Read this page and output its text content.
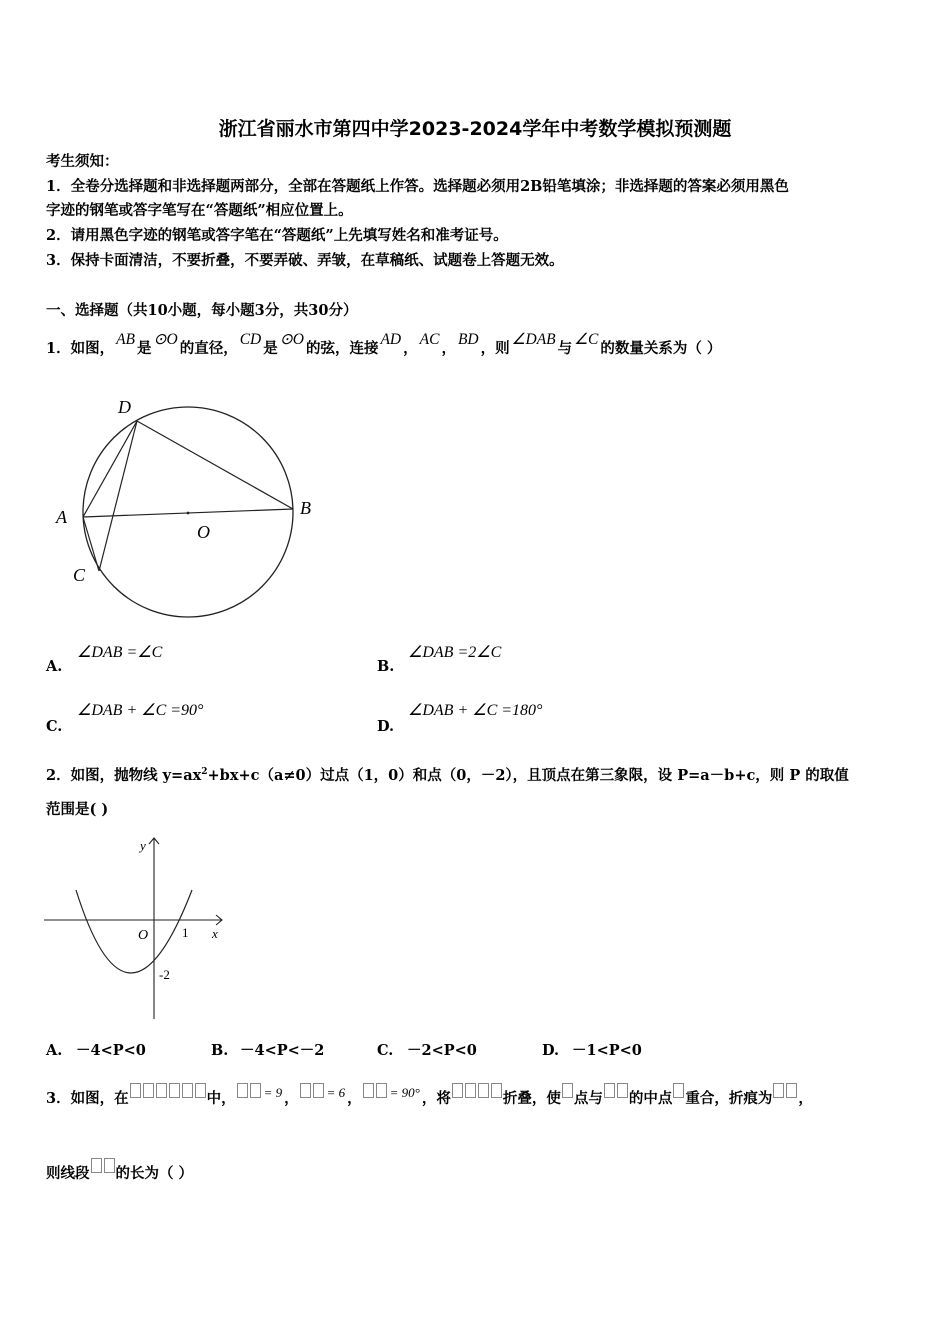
浙江省丽水市第四中学2023-2024学年中考数学模拟预测题
考生须知：
1．全卷分选择题和非选择题两部分，全部在答题纸上作答。选择题必须用2B铅笔填涂；非选择题的答案必须用黑色
字迹的钢笔或答字笔写在“答题纸”相应位置上。
2．请用黑色字迹的钢笔或答字笔在“答题纸”上先填写姓名和准考证号。
3．保持卡面清洁，不要折叠，不要弄破、弄皱，在草稿纸、试题卷上答题无效。
一、选择题（共10小题，每小题3分，共30分）
1．如图，AB是⊙O的直径，CD是⊙O的弦，连接AD，AC，BD，则∠DAB与∠C的数量关系为（ ）
D
A	B
O
C
A.
∠DAB =∠C
B.
∠DAB =2∠C
C.
∠DAB + ∠C =90°
D.
∠DAB + ∠C =180°
2．如图，抛物线 $y=ax^2+bx+c(a\ne 0)$过点（1，0）和点（0，－2），且顶点在第三象限，设 P=a－b+c，则 P 的取值
范围是( )
y
x
O	1
-2
A. －4<P<0	B. －4<P<－2	C. －2<P<0	D. －1<P<0
3．如图，在	中， = 9 ， = 6 ， = 90° ，将	折叠，使 点与 的中点 重合，折痕为 ，
则线段 的长为（ ）
